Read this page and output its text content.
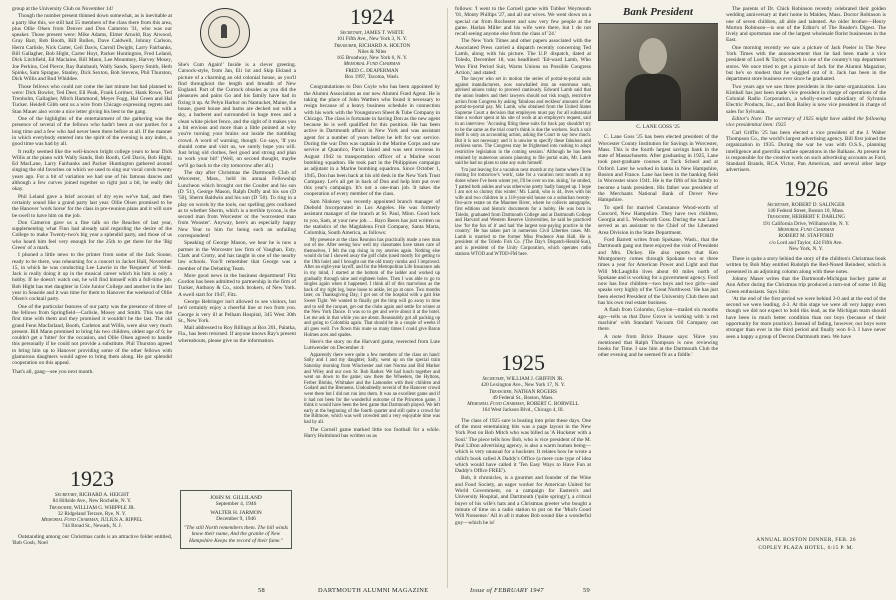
group at the University Club on November 14!

Though the number present thinned down somewhat, as is inevitable at a party like this, we still had 55 members of the class there from this area, plus Ollie Olsen from Denver and Don Cameron '31, who was our speaker. Those present were: Mike Adams, Elmer Arnold, Ray Atwood, Gray Barr, Bob Booth, Bill Bullen, Dave Caldwell, Johnny Carlson, Herm Carlisle, Nick Carter, Ceil Davis, Carroll Dwight, Larry Fairbanks, Bill Gallagher, Bob Hight, Carter Hoyt, Packer Huntington, Fred Leland, Dick Litchfield, Ed Maclaine, Bill Mann, Lee Mountney, Harvey Mosey, Joe Perkins, Ced Pierce, Ray Rainbault, Wally Sands, Sperry Smith, Herb Spinks, Sam Sprague, Stanley, Dick Sexton, Bob Stevens, Phil Thurston, Dick Willis and Bud Whiddee.

Those fellows who could not come the last minute but had planned to were: Dick Bowler, Ted Deer, Ell Peak, Frank Lorimer, Hank Rowe, Ted Trenholm, Gallagher, Mitch Hammond, Meyer Fogg, Hal Green and Hal Tucker. Heidell Gibb sent us a wire from Chicago expressing regrets and Stan Mauer also wrote a nice letter giving his best to the gang.

One of the highlights of the entertainment of the gathering was the presence of several of the fellows who hadn't been at our parties for a long time and a few who had never been there before at all. If the manner in which everybody entered into the spirit of the evening is any index, a good time was had by all.

It really seemed like the well-known bright college years to hear Dick Willis at the piano with Wally Sands, Bob Booth, Ceil Davis, Bob Hight, Ed MacLane, Larry Fairbanks and Packer Huntington gathered around singing the old favorites on which we used to sing our vocal cords twenty years ago. For a bit of variation we had one of his famous dances and although a few curves joined together so right just a bit, he really did okay.

Phil Leland gave a brief account of dry eyes we've had, and then certainly sound like a grand party last year. Ollie Olsen promised to be the Hanover 'work horse' for the class in pre-reunion plans and it will sure be swell to have him on the job.

Don Cameron gave us a fine talk on the Reaches of last year, supplementing what Finn had already said regarding the desire of the College to make Twenty-two's big year a splendid party, and those of us who heard him feel very enough for the 25th to get there for the 'Big Green' of a mark.

I phoned a little news to the printer from some of the Jack Soune, ready to be there, was rehearsing for a concert in Jacket Hall, November 15, in which he was conducting Lee Lawrie in the 'Requiem' of Verdi. Jack is really doing it up in the musical career which his him is only a hobby. If he doesn't watch out, he will find himself with a full-time job. Bob Hight has met daughter in Cole Junior College and another in the last year in Seaside and it was time for them to Hanover the weekend of Ollie Olsen's cocktail party.

One of the particular features of our party was the presence of three of the fellows from Springfield—Carlisle, Mosey and Smith. This was the first time with them and they promised it wouldn't be the last. The old grand Fenn Macfarland, Booth, Carleton and Willis, were also very much present. Bill Mann promised to bring his two children, oldest age of 6; he couldn't get a 'hitter' for the occasion, and Ollie Olsen agreed to handle this personally if he could not provide a substitute. Phil Thurston agreed to bring him up to Hanover providing some of the other fellows with glamorous daughters would agree to bring them along. He got splendid cooperation on this appeal.

That's all, gang—see you next month.

1923
Secretary, RICHARD A. HEIGHT
84 Hillside Ave., New Rochelle, N. Y.
Treasurer, WILLIAM G. WHIPPLE JR.
32 Ridgeland Terrace, Rye, N. Y.
Memorial Fund Chairman, JULIUS A. RIPPEL
744 Broad St., Newark, N. J.

Outstanding among our Christmas cards is an attractive folder entitled, 'Bob Gosh, Noel

She's Cum Again!' Inside is a clever greeting. Cursock-style, from Jan, Eli 1st and Skip Ekland a picture of a charming an old colonial house, as you'll find throughout the length and breadth of New England. Part of the Currock obsoles as you did the pleasures and pains Go and his family have had in fixing it up. At Pelyn Harbor on Nantucket, Maine, the house, guest house and barns are decked out with a sky, a barberet and surrounded in huge trees and a clean white picket fence, and the sight of it makes you a bit envious and more than a little pointed at why you're turning your brains out inside the tumbling crowd. A word of warning, though: Go says, 'If you should come and visit us, we surely hope you will. Just bring old clothes, feel good and strong and plan to work your bit!' (Well, on second thought, maybe we'll go back to the city tomorrow after all.)

The day after Christmas the Dartmouth Club of Worcester, Mass., held its annual Fellowship Luncheon which brought out the Coulter and his son (D '51), George Mason, Ralph Duffy and his son (D '50), Sherm Baldwin and his son (D '50). To ring in a play on words by the tools, our spelling gets confused as to whether Sherm, which is a terrible tycoon, is the second man from Worcester or the 'worcestest man from Wooster'. Anyway, here's an especially happy New Year to him for being such an unfailing correspondent!

Speaking of George Mason, we hear he is now a partner in the Worcester law firm of Vaughan, Esty, Clark and Crotty, and has taught in one of the nearby law schools. You'll remember that George was a member of the Debating Team.

More good news in the business department! Fitz Gordon has been admitted to partnership in the firm of Tucker, Anthony & Co., stock brokers, of New York. A swell start for 1947, Fitz.

George Bebringer isn't allowed to see visitors, but he'd certainly enjoy a cheerful line or two from you. George is very ill at Pelham Hospital, 345 West 30th St., New York.

Mail addressed to Roy Billings at Box 201, Palatka, Fla., has been returned. If anyone knows Ray's present whereabouts, please give us the information.

JOHN M. GILLILAND
September 4, 1946
WALTER H. JARMON
December 9, 1946
"The still North remembers them. The hill winds know their name, And the granite of New Hampshire Keeps the record of their fame."
1924
Secretary, JAMES T. WHITE
101 Fifth Ave., New York 3, N. Y.
Treasurer, RICHARD A. HOLTON
Niles & Niles
165 Broadway, New York 6, N. Y.
Memorial Fund Chairman
FRED C. DEAPERMAN
Box 1997, Tacoma, Wash.

Congratulations to Don Coyle who has been appointed by the Alumni Association as our new Alumni Fund Agent. He is taking the place of John Wattlers who found it necessary to resign because of a heavy business schedule in connection with his work with the Youngstown Sheet & Tube Company in Chicago. The class is fortunate in having Don as the new agent because he is well qualified for this position. He has been active in Dartmouth affairs in New York and was assistant agent for a number of years before he left for war service. During the war Don was captain in the Marine Corps and saw service at Quantico, Parris Island and was sent overseas in August 1942 to transportation officer of a Marine scout bombing squadron. He took part in the Philippines campaign as adjutant in a Marine bombing squadron. Since October 1, 1945, Don has been back at his old desk in the New York Trust Company. Let's all get in back of Don and help him put over this year's campaign. It's not a one-man job. It takes the cooperation of every member of the class.

Sam Ninkney was recently appointed branch manager of Diebold Incorporated in Los Angeles. He was formerly assistant manager of the branch at St. Paul, Minn. Good luck to you, Sam, at your new job. ... Bayo Beers has just written us the statistics of the Magdalena Fruit Company, Santa Marta, Colombia, South America, as follows:

My presence at the class Reunion has practically made a new man out of me. After seeing how well my classmates have taken care of themselves, I felt the rap rising in my arteries again. Nothing else would do but I showed away the golf clubs (used mostly for getting to the 19th hole) and I brought out the old trusty rumba and I improved. After an eight-year layoff, and for the Metropolitan Life Insurance ads in my mind, I started at the bottom of the ladder and worked up gradually through nine and eighteen holes. Then I was able to go to singles again when it happened. I think all of this marvelous as the back of my right leg, bone loose to ankle, let go at once. Two months later, on Thanksgiving Day, I got out of the hospital with a gait like Sweet Tight. We wanted to finally get the limp will go away in time and to sell the racquet, get out the clubs again and settle for winter at the New York Dance. It was so to get and we're about it at the hotel. Let me ask in that while you are about. Reasonably got all packing up and going to Colombia again. That should be in a couple of weeks if all goes well. I've flown this route so many times I could give Baron Holmes aces and spades.

Here's the story on the Harvard game, reerected from Lute Luttwender on December 4:

Apparently there were quite a few members of the class on hand: Sally and I and my daughter, Sally, went up on the special train Saturday morning from Winchester and met Norma and Bid Marker and Wiley and our own St. Bob Barker. We had lunch together and went on down to the game; saw there the Wheelers, the Hyltons, Ferber Blohks, Whittaker and the Lamondes with their children and Godard and the Brennens. Undoubtedly several of the Hanover crowd were there but I did not run into them. It was an excellent game and if it had not been for the wonderful outcome of the Princeton game, I think it would have been the best game that Dartmouth played. We left early at the beginning of the fourth quarter and still quite a crowd for the Biltmore, which was well crowded and a very enjoyable time was had by all.

The Cornell game marked little too football for a while. Harry Holmlund has written us as

follows: 'I went to the Cornell game with Tubber Weymouth '01, Monty Phillips '27, and all our wives. We went down on a special car from Rochester and saw very few people at the game. Harlan Miller and his wife were there, but I do not recall seeing anyone else from the class of '24.'

The New York Times and other papers associated with the Associated Press carried a dispatch recently concerning Ted Lamb, along with his picture. The U.P. dispatch, dated at Toledo, December 18, was headlined: 'Ed-ward Lamb, Who Won First Period Suit, Warns Unions on Possible Congress Action,' and stated:

The lawyer who set in motion the series of portal-to-portal suits against manufacturers, now snowballed into an enormous sum, advised unions today to proceed cautiously. Edward Lamb said that the union leaders and their lawyers should not risk tough, restrictive action from Congress by asking 'fabulous and reckless' amounts of the portal-to-portal pay. Mr. Lamb, who obtained from the United States Supreme Court a decision that employers must pay for all substantial time a worker spent at his site of work at an employer's request, said in an interview: 'Accusing filing these suits for back pay shouldn't try to be the same as the trial court's think is due the workers. Such a suit itself is only an accounting action, asking the Court to say how much. But it is not necessary and it is unwise to specify these fabulous and reckless sums. The Congress may be frightened into rushing to adopt restrictive legislation in the coming session.' Although he has been retained by numerous unions planning to file portal suits, Mr. Lamb said he had no plans to take any suits himself.

'I'm just leaving for a vacation next month at my home where I'll be rooting for tomorrow's 'work', take for a vacation next month at my dome where I've been winter yet, I'll be over on me. skiing,' he smiled, 'I patted both ankles and was otherwise pretty badly banged up. I hope I am not so clumsy this winter.' Mr. Lamb, who is 44, lives with his wife and two children in a 118-year-old house on a suburban twenty-five-acre estate on the Maumee River, where he collects autographs, first editions and historic documents for a hobby. He was born in Toledo, graduated from Dartmouth College and at Dartmouth College and Harvard and Western Reserve Universities, he said he practiced law 'for the fun of it' and had 'the largest non-paying practice in the country.' He has taken part in numerous Civil Liberties cases. Mr. Lamb is married to the former Miss Prudence Ann Hall. He is president of the Toledo Fish Co. ('The Day's Dispatch-Herald-Sun), and is president of the Unity Corporation, which operates radio stations WTOD and WTOD-FM here.

1925
Secretary, WILLIAM J. GRIFFIN JR.
420 Lexington Ave., New York 17, N. Y.
Treasurer, NATHAN ROGERS
49 Federal St., Boston, Mass.
Memorial Fund Chairman, ROBERT C. BORWELL
164 West Jackson Blvd., Chicago 4, Ill.

The class of 1925 sure is busting into print these days. One of the most entertaining bits was a page layout in the New York Post on Bob Mitch who was billed as 'A Huckster with a Soul.' The piece tells how Bob, who is vice president of the M. Paul Lifton advertising agency, is also a warm human being—which is very unusual for a huckster. It relates how he wrote a child's book called A Daddy's Office (a mere cute type of idea which would have called it 'Ten Easy Ways to Have Fun at Daddy's Office FREE').

Bob, it chronicles, is a gourmet and founder of the Wine and Food Society, an eager worker for American United for World Government, on a campaign for Eastern's and University Hospital, and Dartmouth ('quite springy'), a critical buyer of his wife's hats and a Christmas greeter who bought a minute of time on a radio station to put on the 'Much Good Will Nonsense.' All in all it makes Bob sound like a wonderful guy—which he is!

Bank President
C. LANE GOSS '25

C. Lane Goss '25 has been elected president of the Worcester County Institution for Savings in Worcester, Mass. This is the fourth largest savings bank in the state of Massachusetts. After graduating in 1925, Lane took post-graduate courses at Tuck School and at Oxford. Later he worked in banks in New Hampshire, Boston and France. Lane has been in the banking field in Worcester since 1941. He is the fifth of his family to become a bank president. His father was president of the Merchants National Bank of Dover New Hampshire.

To spell for married Constance Wood-worth of Concord, New Hampshire. They have two children, Georgia and L. Woodworth Goss. During the war Lane served as an assistant to the Chief of the Liberated Area Division in the State Department.

Ford Barrett writes from Spokane, Wash., that the Dartmouth gang out there enjoyed the visit of President and Mrs. Dickey. He also reports that Ken Montgomery comes through Spokane two or three times a year for American Power and Light and that Will McLaughlin lives about 60 miles north of Spokane and is working for a government agency. Ford now has four children—two boys and two girls—and speaks very highly of the 'Great Northwest.' He has just been elected President of the University Club there and has his own real estate business.

A flash from Colombo, Ceylon—mailed six months ago—tells us that Dave Grove is working with 'a red machine' with Standard Vacuum Oil Company out there.

A note from Brice Dusase says: 'Have you mentioned that Ralph Thompson is now reviewing books for Time. I saw him at the Dartmouth Club the other evening and he seemed fit as a fiddle.'

The parents of Dr. Chick Robinson recently celebrated their golden wedding anniversary at their home in Malden, Mass. Doctor Robinson is one of seven children, all able and talented. An older brother—Henry Morton Robinson—is one of the Editor's of The Reader's Digest. The lively and sportsman one of the largest wholesale florist businesses in the East.

One morning recently we saw a picture of Jack Poeler in The New York Times with the announcement that he had been made a vice president of Lord & Taylor, which is one of the country's top department stores. We once tried to get a picture of Jack for the Alumni Magazine, but he's so modest that he wiggled out of it. Jack has been in the department store business ever since he graduated.

Two years ago we saw three presidents in the same organization. Lou Kimball has just been made vice president in charge of operations of the Colonial Radio Corporation, a wholly-owned subsidiary of Sylvania Electric Products, Inc., and Bob Bailey is now vice president in charge of sales for Sylvania.

Editor's Note: The secretary of 1925 might have added the following vice presidential item: 1925

Carl Griffin '25 has been elected a vice president of the J. Walter Thompson Co., the world's largest advertising agency. Bill first joined the organization in 1935. During the war he was with O.S.S., planning intelligence and guerrilla warfare operations in the Balkans. At present he is responsible for the creative work on such advertising accounts as Ford, Standard Brands, RCA Victor, Pan American, and several other large advertisers.

1926
Secretary, ROBERT D. SALINGER
140 Federal Street, Boston 10, Mass.
Treasurer, HERBERT F. DARLING
191 California Drive, Williamsville, N. Y.
Memorial Fund Chairman
ROBERT M. STAFFORD
c/o Lord and Taylor, 424 Fifth Ave.
New York, N. Y.

There is quite a story behind the story of the children's Christmas book written by Bob May entitled Rudolph the Red-Nosed Reindeer, which is presented in an adjoining column along with these notes.

Johnny Maser writes that the Dartmouth-Michigan hockey game at Ann Arbor during the Christmas trip produced a turn-out of some 16 Big Green enthusiasts. Says John:

'At the end of the first period we were behind 3-0 and at the end of the second we were leading, 4-3. At this stage we were all very happy even though we did not expect to hold this lead, as the Michigan team should have been in much better condition than our boys (because of their opportunity for more practice). Instead of fading, however, our boys were stronger than ever in the third period and finally won 6-3. I have never seen a happy a group of Decron Dartmouth men. We have

ANNUAL BOSTON DINNER, FEB. 26
COPLEY PLAZA HOTEL, 6:15 P. M.
58	DARTMOUTH ALUMNI MAGAZINE	Issue of FEBRUARY 1947	59
